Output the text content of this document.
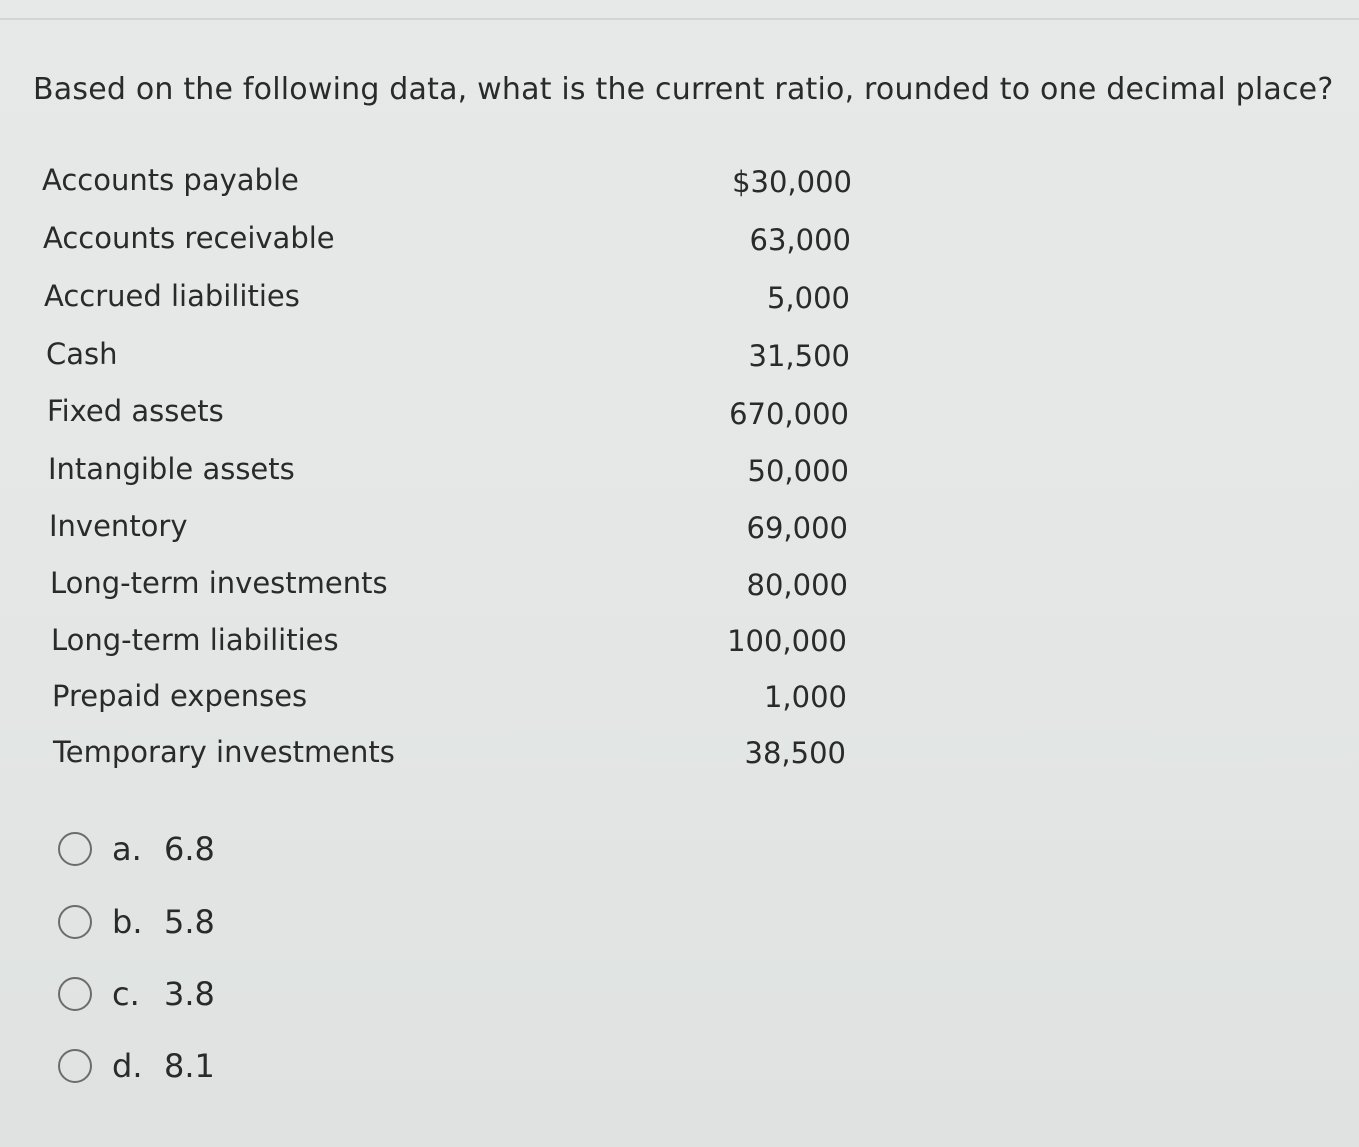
Based on the following data, what is the current ratio, rounded to one decimal place?
Accounts payable	$30,000
Accounts receivable	63,000
Accrued liabilities	5,000
Cash	31,500
Fixed assets	670,000
Intangible assets	50,000
Inventory	69,000
Long-term investments	80,000
Long-term liabilities	100,000
Prepaid expenses	1,000
Temporary investments	38,500
a. 6.8
b. 5.8
c. 3.8
d. 8.1
